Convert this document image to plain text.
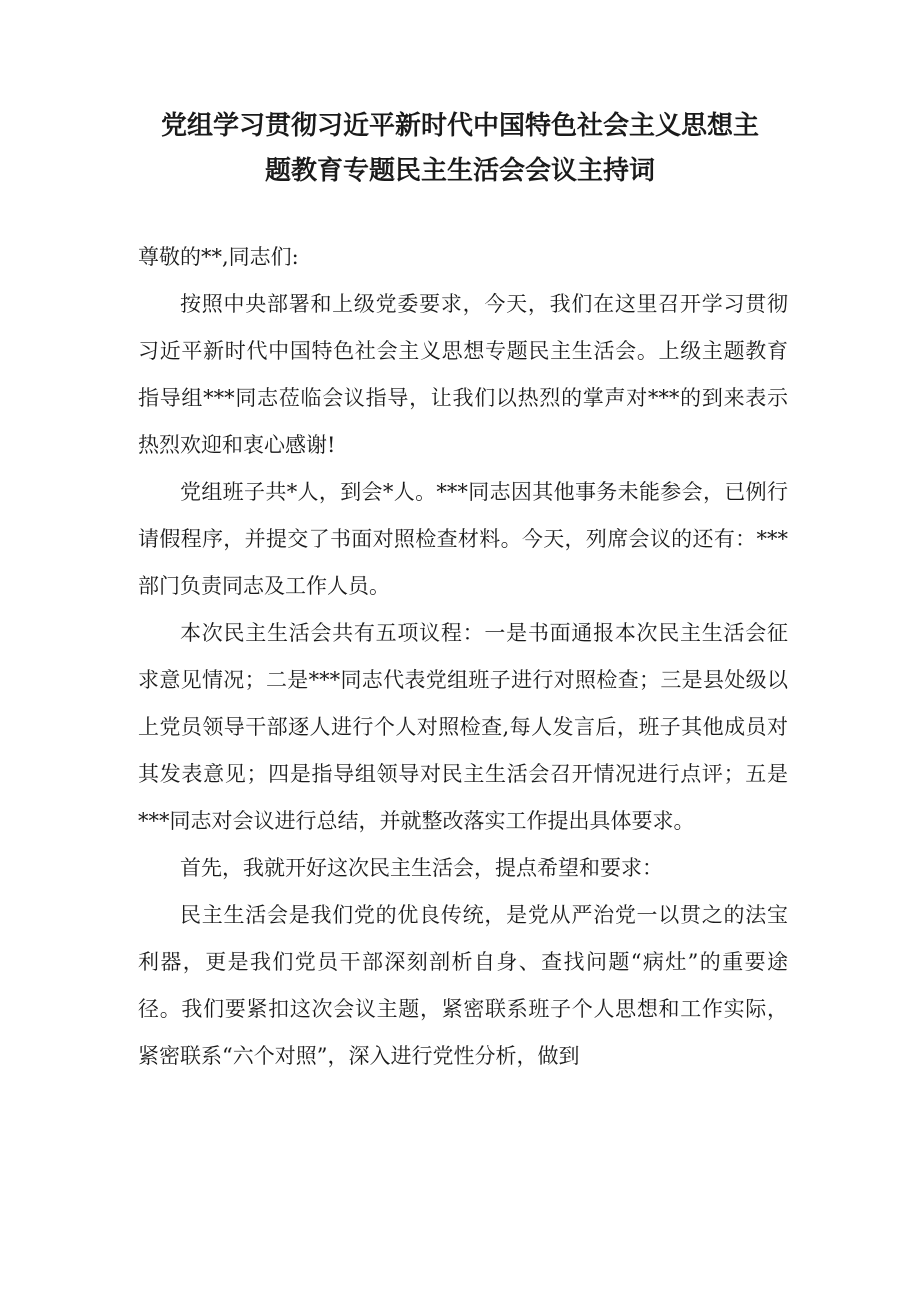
党组学习贯彻习近平新时代中国特色社会主义思想主
题教育专题民主生活会会议主持词

尊敬的**,同志们:

按照中央部署和上级党委要求，今天，我们在这里召开学习贯彻习近平新时代中国特色社会主义思想专题民主生活会。上级主题教育指导组***同志莅临会议指导，让我们以热烈的掌声对***的到来表示热烈欢迎和衷心感谢!

党组班子共*人，到会*人。***同志因其他事务未能参会，已例行请假程序，并提交了书面对照检查材料。今天，列席会议的还有：***部门负责同志及工作人员。

本次民主生活会共有五项议程：一是书面通报本次民主生活会征求意见情况；二是***同志代表党组班子进行对照检查；三是县处级以上党员领导干部逐人进行个人对照检查,每人发言后，班子其他成员对其发表意见；四是指导组领导对民主生活会召开情况进行点评；五是***同志对会议进行总结，并就整改落实工作提出具体要求。

首先，我就开好这次民主生活会，提点希望和要求：

民主生活会是我们党的优良传统，是党从严治党一以贯之的法宝利器，更是我们党员干部深刻剖析自身、查找问题“病灶”的重要途径。我们要紧扣这次会议主题，紧密联系班子个人思想和工作实际，紧密联系“六个对照”，深入进行党性分析，做到
